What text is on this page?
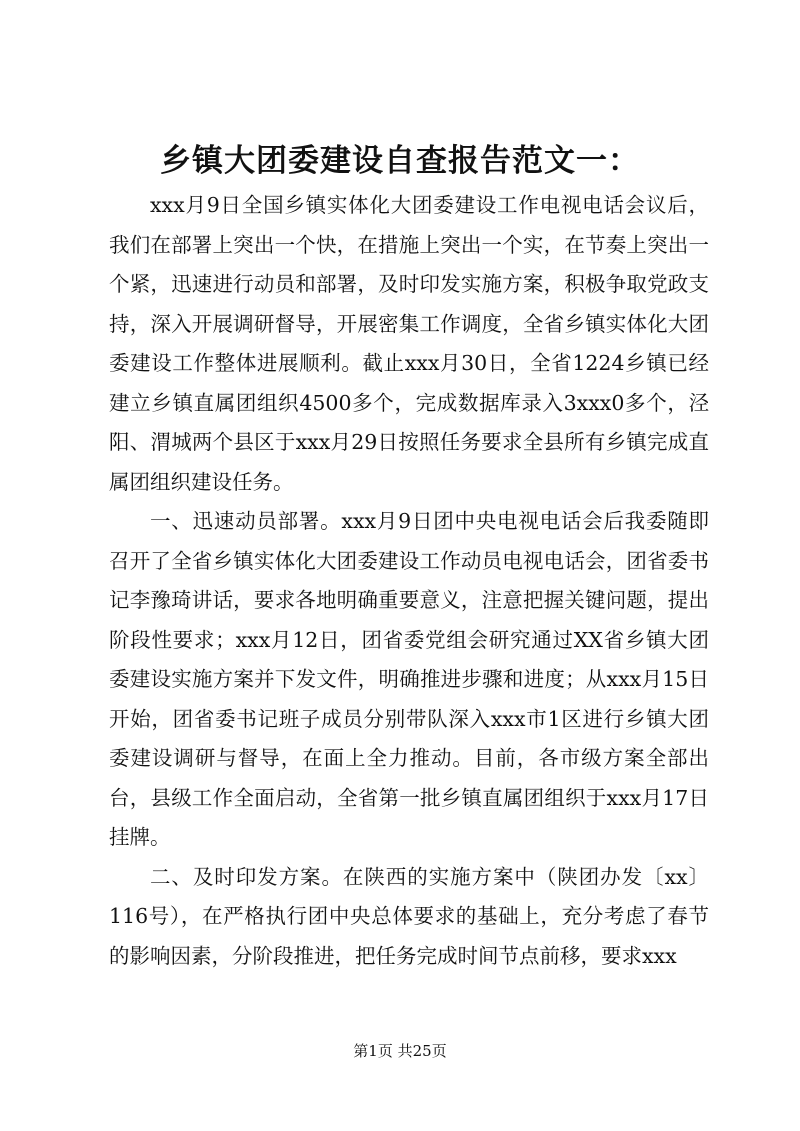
乡镇大团委建设自查报告范文一：

xxx月9日全国乡镇实体化大团委建设工作电视电话会议后，我们在部署上突出一个快，在措施上突出一个实，在节奏上突出一个紧，迅速进行动员和部署，及时印发实施方案，积极争取党政支持，深入开展调研督导，开展密集工作调度，全省乡镇实体化大团委建设工作整体进展顺利。截止xxx月30日，全省1224乡镇已经建立乡镇直属团组织4500多个，完成数据库录入3xxx0多个，泾阳、渭城两个县区于xxx月29日按照任务要求全县所有乡镇完成直属团组织建设任务。

一、迅速动员部署。xxx月9日团中央电视电话会后我委随即召开了全省乡镇实体化大团委建设工作动员电视电话会，团省委书记李豫琦讲话，要求各地明确重要意义，注意把握关键问题，提出阶段性要求；xxx月12日，团省委党组会研究通过XX省乡镇大团委建设实施方案并下发文件，明确推进步骤和进度；从xxx月15日开始，团省委书记班子成员分别带队深入xxx市1区进行乡镇大团委建设调研与督导，在面上全力推动。目前，各市级方案全部出台，县级工作全面启动，全省第一批乡镇直属团组织于xxx月17日挂牌。

二、及时印发方案。在陕西的实施方案中（陕团办发〔xx〕116号），在严格执行团中央总体要求的基础上，充分考虑了春节的影响因素，分阶段推进，把任务完成时间节点前移，要求xxx

第1页 共25页
